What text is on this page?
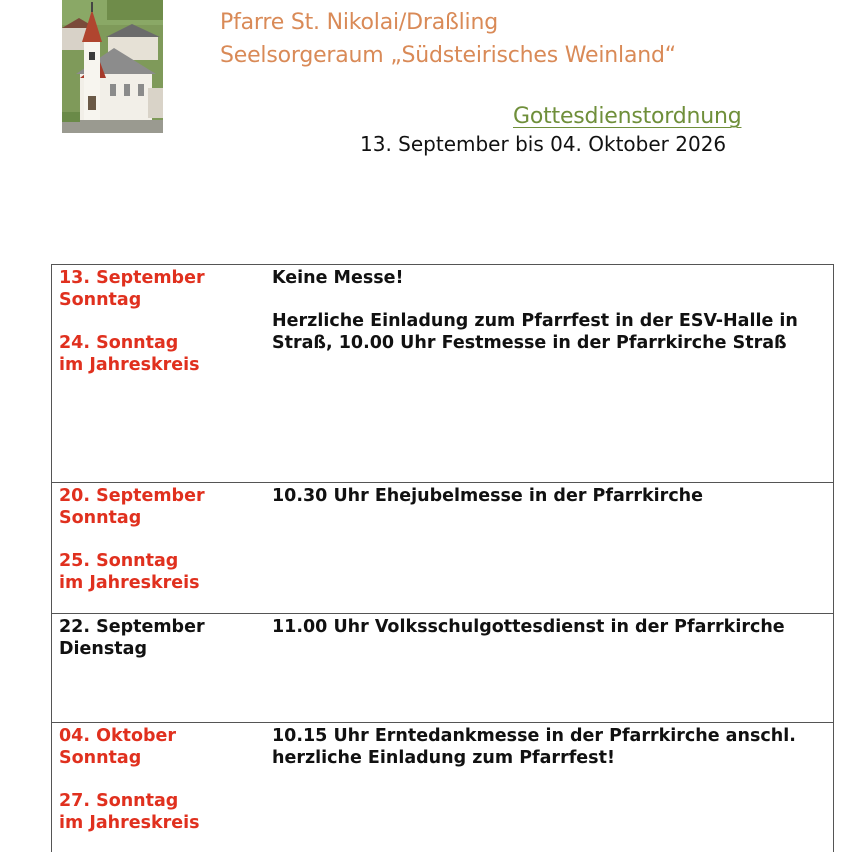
Pfarre St. Nikolai/Draßling
Seelsorgeraum „Südsteirisches Weinland“
Gottesdienstordnung
13. September bis 04. Oktober 2026
13. September
Sonntag
24. Sonntag
im Jahreskreis
Keine Messe!
Herzliche Einladung zum Pfarrfest in der ESV-Halle in
Straß, 10.00 Uhr Festmesse in der Pfarrkirche Straß
20. September
Sonntag
25. Sonntag
im Jahreskreis
10.30 Uhr Ehejubelmesse in der Pfarrkirche
22. September
Dienstag
11.00 Uhr Volksschulgottesdienst in der Pfarrkirche
04. Oktober
Sonntag
27. Sonntag
im Jahreskreis
10.15 Uhr Erntedankmesse in der Pfarrkirche anschl.
herzliche Einladung zum Pfarrfest!
